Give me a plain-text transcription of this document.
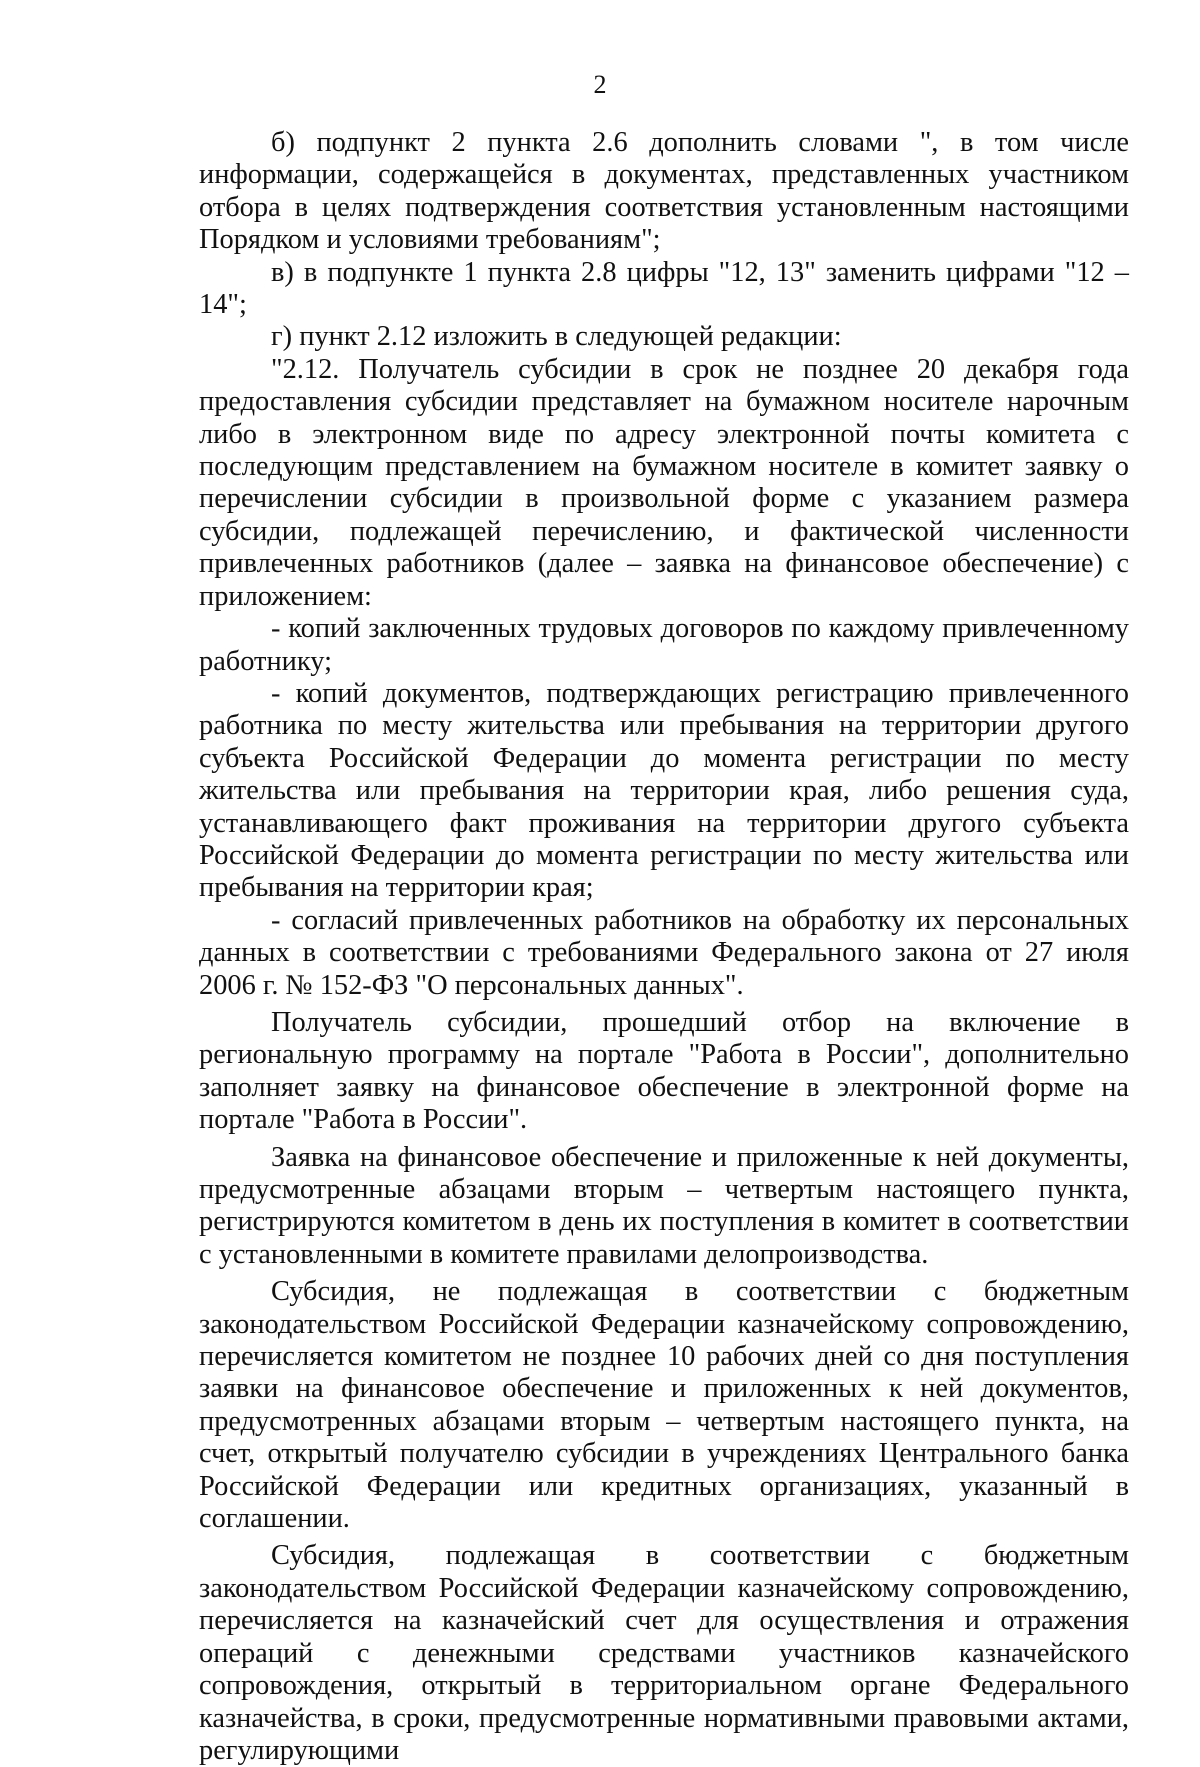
2

б) подпункт 2 пункта 2.6 дополнить словами ", в том числе информации, содержащейся в документах, представленных участником отбора в целях подтверждения соответствия установленным настоящими Порядком и условиями требованиям";

в) в подпункте 1 пункта 2.8 цифры "12, 13" заменить цифрами "12 – 14";

г) пункт 2.12 изложить в следующей редакции:

"2.12. Получатель субсидии в срок не позднее 20 декабря года предоставления субсидии представляет на бумажном носителе нарочным либо в электронном виде по адресу электронной почты комитета с последующим представлением на бумажном носителе в комитет заявку о перечислении субсидии в произвольной форме с указанием размера субсидии, подлежащей перечислению, и фактической численности привлеченных работников (далее – заявка на финансовое обеспечение) с приложением:

- копий заключенных трудовых договоров по каждому привлеченному работнику;

- копий документов, подтверждающих регистрацию привлеченного работника по месту жительства или пребывания на территории другого субъекта Российской Федерации до момента регистрации по месту жительства или пребывания на территории края, либо решения суда, устанавливающего факт проживания на территории другого субъекта Российской Федерации до момента регистрации по месту жительства или пребывания на территории края;

- согласий привлеченных работников на обработку их персональных данных в соответствии с требованиями Федерального закона от 27 июля 2006 г. № 152-ФЗ "О персональных данных".

Получатель субсидии, прошедший отбор на включение в региональную программу на портале "Работа в России", дополнительно заполняет заявку на финансовое обеспечение в электронной форме на портале "Работа в России".

Заявка на финансовое обеспечение и приложенные к ней документы, предусмотренные абзацами вторым – четвертым настоящего пункта, регистрируются комитетом в день их поступления в комитет в соответствии с установленными в комитете правилами делопроизводства.

Субсидия, не подлежащая в соответствии с бюджетным законодательством Российской Федерации казначейскому сопровождению, перечисляется комитетом не позднее 10 рабочих дней со дня поступления заявки на финансовое обеспечение и приложенных к ней документов, предусмотренных абзацами вторым – четвертым настоящего пункта, на счет, открытый получателю субсидии в учреждениях Центрального банка Российской Федерации или кредитных организациях, указанный в соглашении.

Субсидия, подлежащая в соответствии с бюджетным законодательством Российской Федерации казначейскому сопровождению, перечисляется на казначейский счет для осуществления и отражения операций с денежными средствами участников казначейского сопровождения, открытый в территориальном органе Федерального казначейства, в сроки, предусмотренные нормативными правовыми актами, регулирующими
